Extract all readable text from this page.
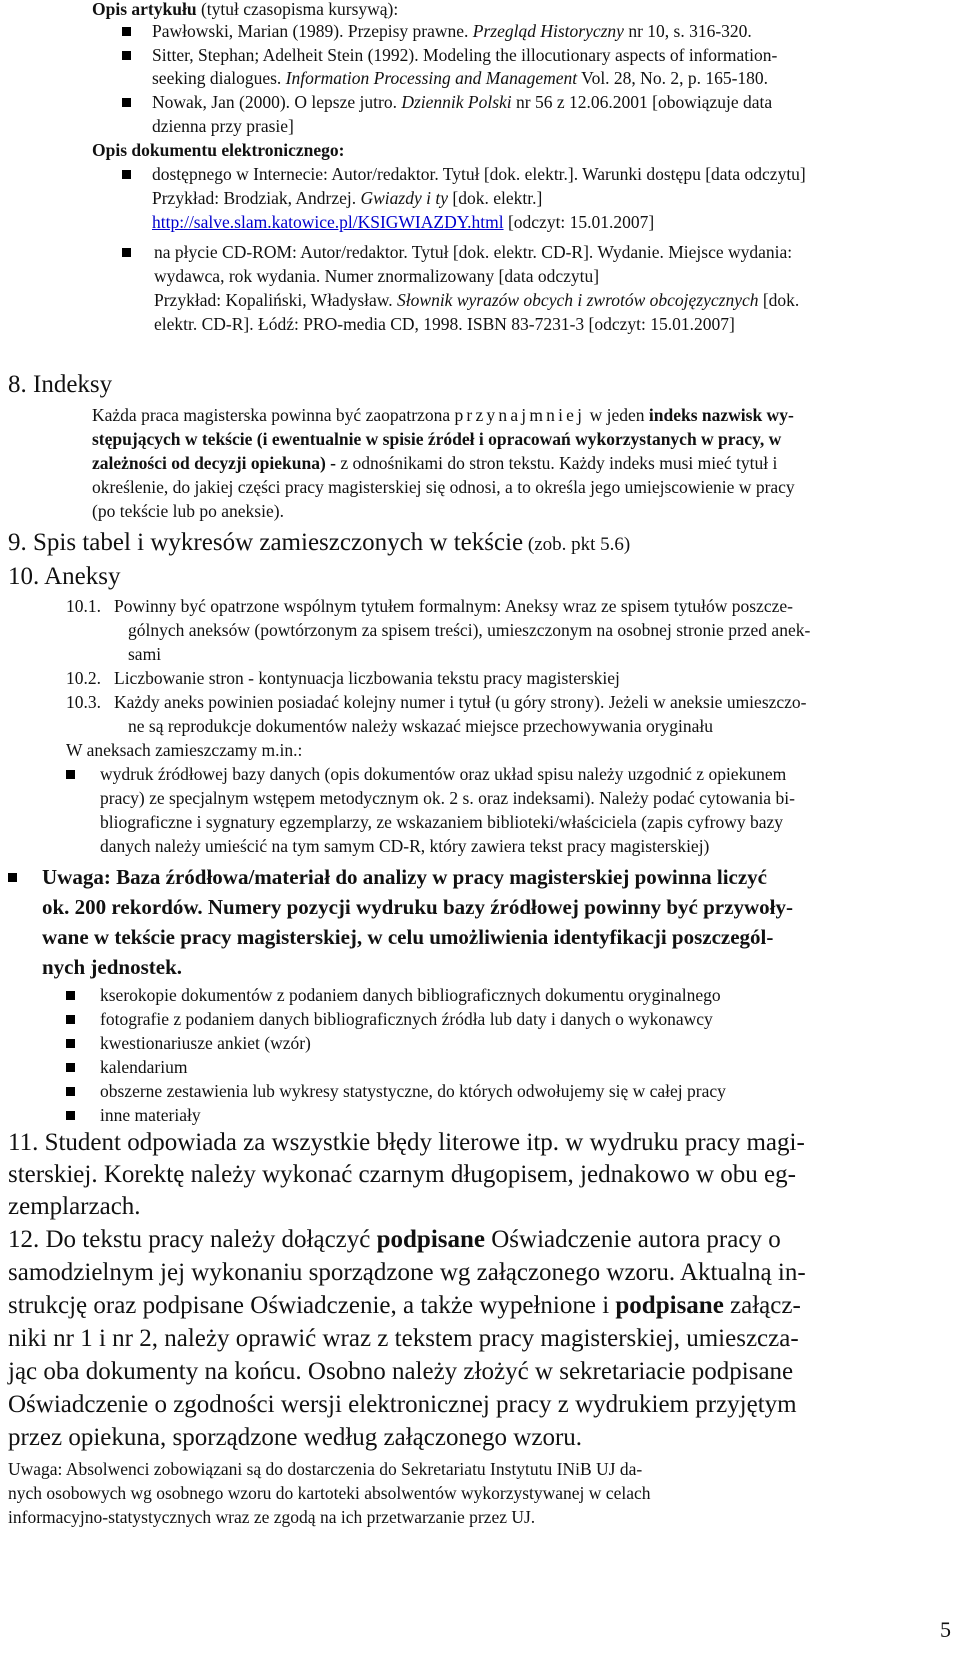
Opis artykułu (tytuł czasopisma kursywą):
Pawłowski, Marian (1989). Przepisy prawne. Przegląd Historyczny nr 10, s. 316-320.
Sitter, Stephan; Adelheit Stein (1992). Modeling the illocutionary aspects of information-
seeking dialogues. Information Processing and Management Vol. 28, No. 2, p. 165-180.
Nowak, Jan (2000). O lepsze jutro. Dziennik Polski nr 56 z 12.06.2001 [obowiązuje data
dzienna przy prasie]
Opis dokumentu elektronicznego:
dostępnego w Internecie: Autor/redaktor. Tytuł [dok. elektr.]. Warunki dostępu [data odczytu]
Przykład: Brodziak, Andrzej. Gwiazdy i ty [dok. elektr.]
http://salve.slam.katowice.pl/KSIGWIAZDY.html [odczyt: 15.01.2007]
na płycie CD-ROM: Autor/redaktor. Tytuł [dok. elektr. CD-R]. Wydanie. Miejsce wydania:
wydawca, rok wydania. Numer znormalizowany [data odczytu]
Przykład: Kopaliński, Władysław. Słownik wyrazów obcych i zwrotów obcojęzycznych [dok.
elektr. CD-R]. Łódź: PRO-media CD, 1998. ISBN 83-7231-3 [odczyt: 15.01.2007]
8. Indeksy
Każda praca magisterska powinna być zaopatrzona przynajmniej w jeden indeks nazwisk wy-
stępujących w tekście (i ewentualnie w spisie źródeł i opracowań wykorzystanych w pracy, w
zależności od decyzji opiekuna) - z odnośnikami do stron tekstu. Każdy indeks musi mieć tytuł i
określenie, do jakiej części pracy magisterskiej się odnosi, a to określa jego umiejscowienie w pracy
(po tekście lub po aneksie).
9. Spis tabel i wykresów zamieszczonych w tekście (zob. pkt 5.6)
10. Aneksy
10.1. Powinny być opatrzone wspólnym tytułem formalnym: Aneksy wraz ze spisem tytułów poszcze-
gólnych aneksów (powtórzonym za spisem treści), umieszczonym na osobnej stronie przed anek-
sami
10.2. Liczbowanie stron - kontynuacja liczbowania tekstu pracy magisterskiej
10.3. Każdy aneks powinien posiadać kolejny numer i tytuł (u góry strony). Jeżeli w aneksie umieszczo-
ne są reprodukcje dokumentów należy wskazać miejsce przechowywania oryginału
W aneksach zamieszczamy m.in.:
wydruk źródłowej bazy danych (opis dokumentów oraz układ spisu należy uzgodnić z opiekunem
pracy) ze specjalnym wstępem metodycznym ok. 2 s. oraz indeksami). Należy podać cytowania bi-
bliograficzne i sygnatury egzemplarzy, ze wskazaniem biblioteki/właściciela (zapis cyfrowy bazy
danych należy umieścić na tym samym CD-R, który zawiera tekst pracy magisterskiej)
Uwaga: Baza źródłowa/materiał do analizy w pracy magisterskiej powinna liczyć
ok. 200 rekordów. Numery pozycji wydruku bazy źródłowej powinny być przywoły-
wane w tekście pracy magisterskiej, w celu umożliwienia identyfikacji poszczegól-
nych jednostek.
kserokopie dokumentów z podaniem danych bibliograficznych dokumentu oryginalnego
fotografie z podaniem danych bibliograficznych źródła lub daty i danych o wykonawcy
kwestionariusze ankiet (wzór)
kalendarium
obszerne zestawienia lub wykresy statystyczne, do których odwołujemy się w całej pracy
inne materiały
11. Student odpowiada za wszystkie błędy literowe itp. w wydruku pracy magi-
sterskiej. Korektę należy wykonać czarnym długopisem, jednakowo w obu eg-
zemplarzach.
12. Do tekstu pracy należy dołączyć podpisane Oświadczenie autora pracy o
samodzielnym jej wykonaniu sporządzone wg załączonego wzoru. Aktualną in-
strukcję oraz podpisane Oświadczenie, a także wypełnione i podpisane załącz-
niki nr 1 i nr 2, należy oprawić wraz z tekstem pracy magisterskiej, umieszcza-
jąc oba dokumenty na końcu. Osobno należy złożyć w sekretariacie podpisane
Oświadczenie o zgodności wersji elektronicznej pracy z wydrukiem przyjętym
przez opiekuna, sporządzone według załączonego wzoru.
Uwaga: Absolwenci zobowiązani są do dostarczenia do Sekretariatu Instytutu INiB UJ da-
nych osobowych wg osobnego wzoru do kartoteki absolwentów wykorzystywanej w celach
informacyjno-statystycznych wraz ze zgodą na ich przetwarzanie przez UJ.
5
